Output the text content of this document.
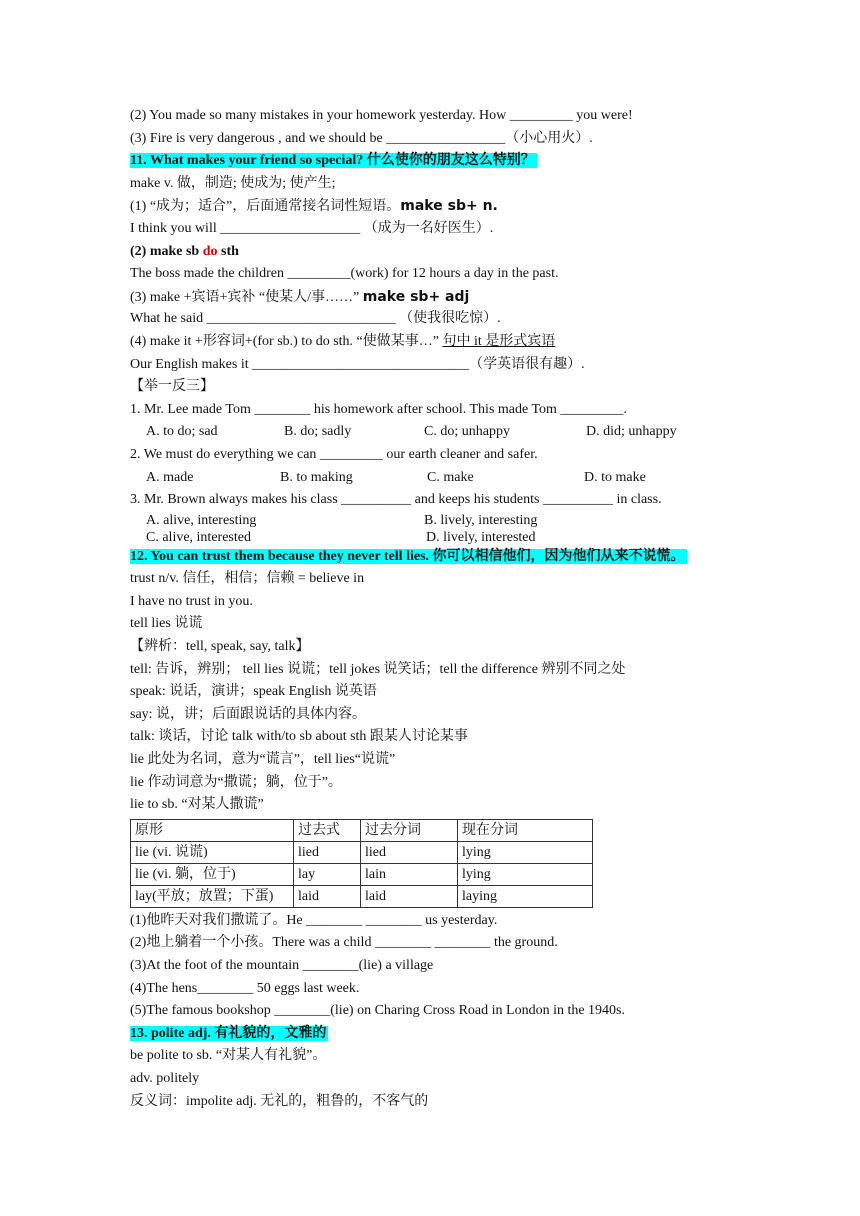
(2) You made so many mistakes in your homework yesterday. How _________ you were!
(3) Fire is very dangerous , and we should be _________________（小心用火）.
11. What makes your friend so special? 什么使你的朋友这么特别？
make v. 做，制造; 使成为; 使产生;
(1) “成为；适合”，后面通常接名词性短语。make sb+ n.
I think you will ____________________ （成为一名好医生）.
(2) make sb do sth
The boss made the children _________(work) for 12 hours a day in the past.
(3) make +宾语+宾补 “使某人/事……” make sb+ adj
What he said ___________________________ （使我很吃惊）.
(4) make it +形容词+(for sb.) to do sth. “使做某事…” 句中 it 是形式宾语
Our English makes it _______________________________（学英语很有趣）.
【举一反三】
1. Mr. Lee made Tom ________ his homework after school. This made Tom _________.
A. to do; sad	B. do; sadly	C. do; unhappy	D. did; unhappy
2. We must do everything we can _________ our earth cleaner and safer.
A. made	B. to making	C. make	D. to make
3. Mr. Brown always makes his class __________ and keeps his students __________ in class.
A. alive, interesting	B. lively, interesting
C. alive, interested	D. lively, interested
12. You can trust them because they never tell lies. 你可以相信他们，因为他们从来不说慌。
trust n/v. 信任，相信；信赖 = believe in
I have no trust in you.
tell lies 说谎
【辨析：tell, speak, say, talk】
tell: 告诉，辨别； tell lies 说谎；tell jokes 说笑话；tell the difference 辨别不同之处
speak: 说话，演讲；speak English 说英语
say: 说，讲；后面跟说话的具体内容。
talk: 谈话，讨论 talk with/to sb about sth 跟某人讨论某事
lie 此处为名词，意为“谎言”，tell lies“说谎”
lie 作动词意为“撒谎；躺，位于”。
lie to sb. “对某人撒谎”
原形	过去式	过去分词	现在分词
lie (vi. 说谎)	lied	lied	lying
lie (vi. 躺，位于)	lay	lain	lying
lay(平放；放置；下蛋)	laid	laid	laying
(1)他昨天对我们撒谎了。He ________ ________ us yesterday.
(2)地上躺着一个小孩。There was a child ________ ________ the ground.
(3)At the foot of the mountain ________(lie) a village
(4)The hens________ 50 eggs last week.
(5)The famous bookshop ________(lie) on Charing Cross Road in London in the 1940s.
13. polite adj. 有礼貌的，文雅的
be polite to sb. “对某人有礼貌”。
adv. politely
反义词：impolite adj. 无礼的，粗鲁的，不客气的
